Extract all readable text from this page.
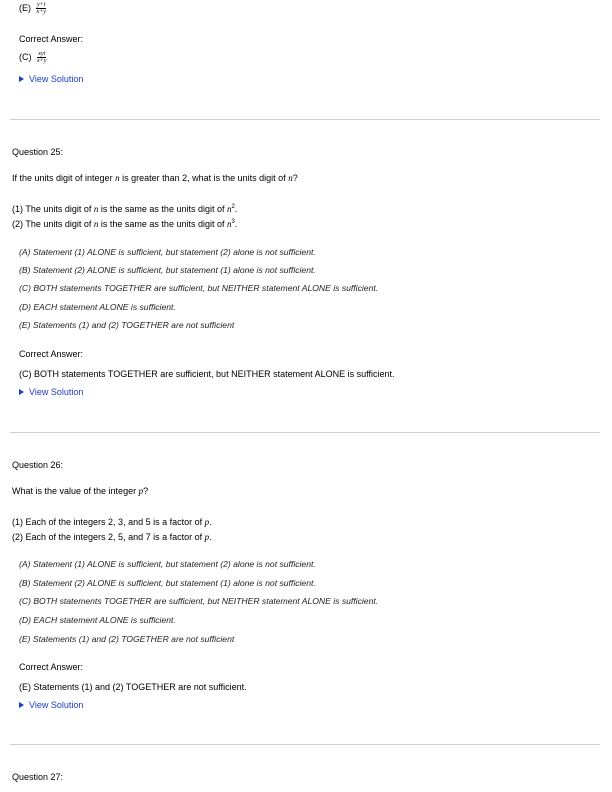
$(E) \frac{y+t}{x+y}$
Correct Answer:
$(C) \frac{\text{xyt}}{x+y}$
View Solution
Question 25:
If the units digit of integer n is greater than 2, what is the units digit of n?
(1) The units digit of n is the same as the units digit of $n^2$.
(2) The units digit of n is the same as the units digit of $n^3$.
(A) Statement (1) ALONE is sufficient, but statement (2) alone is not sufficient.
(B) Statement (2) ALONE is sufficient, but statement (1) alone is not sufficient.
(C) BOTH statements TOGETHER are sufficient, but NEITHER statement ALONE is sufficient.
(D) EACH statement ALONE is sufficient.
(E) Statements (1) and (2) TOGETHER are not sufficient
Correct Answer:
(C) BOTH statements TOGETHER are sufficient, but NEITHER statement ALONE is sufficient.
View Solution
Question 26:
What is the value of the integer p?
(1) Each of the integers 2, 3, and 5 is a factor of p.
(2) Each of the integers 2, 5, and 7 is a factor of p.
(A) Statement (1) ALONE is sufficient, but statement (2) alone is not sufficient.
(B) Statement (2) ALONE is sufficient, but statement (1) alone is not sufficient.
(C) BOTH statements TOGETHER are sufficient, but NEITHER statement ALONE is sufficient.
(D) EACH statement ALONE is sufficient.
(E) Statements (1) and (2) TOGETHER are not sufficient
Correct Answer:
(E) Statements (1) and (2) TOGETHER are not sufficient.
View Solution
Question 27:
